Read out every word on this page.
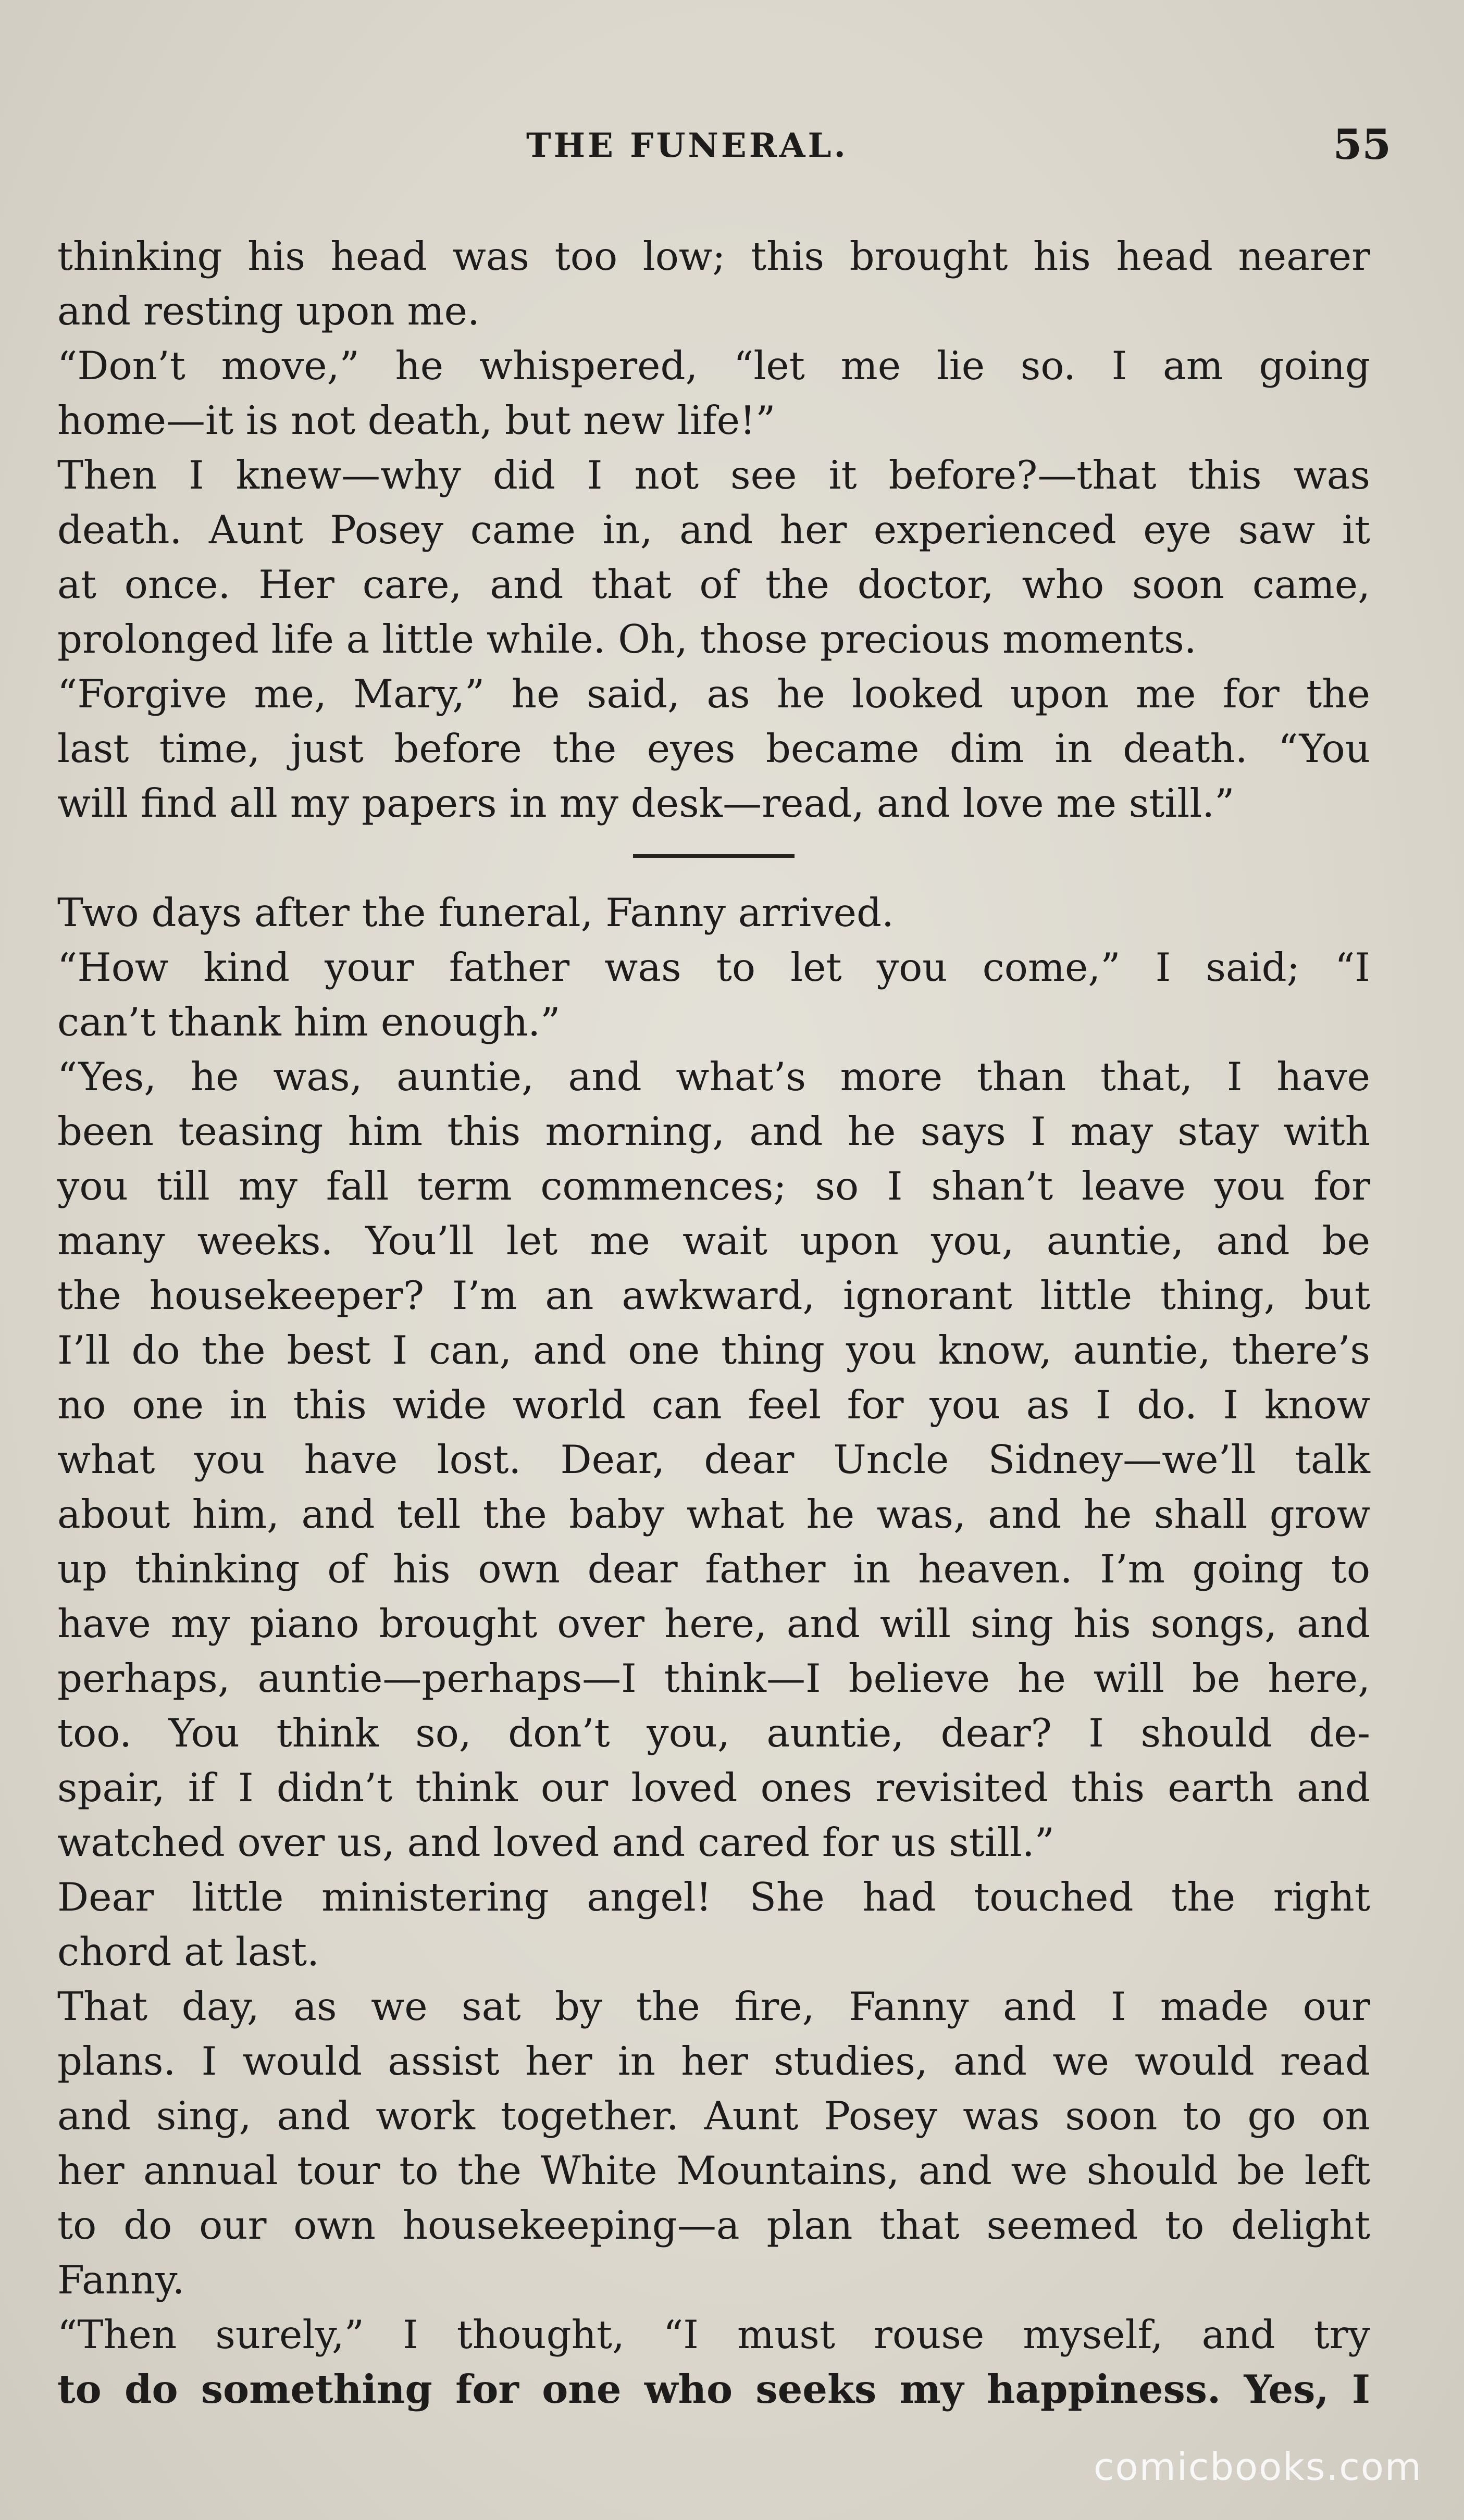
THE FUNERAL.	55
thinking his head was too low; this brought his head nearer
and resting upon me.
“Don’t move,” he whispered, “let me lie so. I am going
home—it is not death, but new life!”
Then I knew—why did I not see it before?—that this was
death. Aunt Posey came in, and her experienced eye saw it
at once. Her care, and that of the doctor, who soon came,
prolonged life a little while. Oh, those precious moments.
“Forgive me, Mary,” he said, as he looked upon me for the
last time, just before the eyes became dim in death. “You
will find all my papers in my desk—read, and love me still.”
Two days after the funeral, Fanny arrived.
“How kind your father was to let you come,” I said; “I
can’t thank him enough.”
“Yes, he was, auntie, and what’s more than that, I have
been teasing him this morning, and he says I may stay with
you till my fall term commences; so I shan’t leave you for
many weeks. You’ll let me wait upon you, auntie, and be
the housekeeper? I’m an awkward, ignorant little thing, but
I’ll do the best I can, and one thing you know, auntie, there’s
no one in this wide world can feel for you as I do. I know
what you have lost. Dear, dear Uncle Sidney—we’ll talk
about him, and tell the baby what he was, and he shall grow
up thinking of his own dear father in heaven. I’m going to
have my piano brought over here, and will sing his songs, and
perhaps, auntie—perhaps—I think—I believe he will be here,
too. You think so, don’t you, auntie, dear? I should de-
spair, if I didn’t think our loved ones revisited this earth and
watched over us, and loved and cared for us still.”
Dear little ministering angel! She had touched the right
chord at last.
That day, as we sat by the fire, Fanny and I made our
plans. I would assist her in her studies, and we would read
and sing, and work together. Aunt Posey was soon to go on
her annual tour to the White Mountains, and we should be left
to do our own housekeeping—a plan that seemed to delight
Fanny.
“Then surely,” I thought, “I must rouse myself, and try
to do something for one who seeks my happiness. Yes, I
comicbooks.com
